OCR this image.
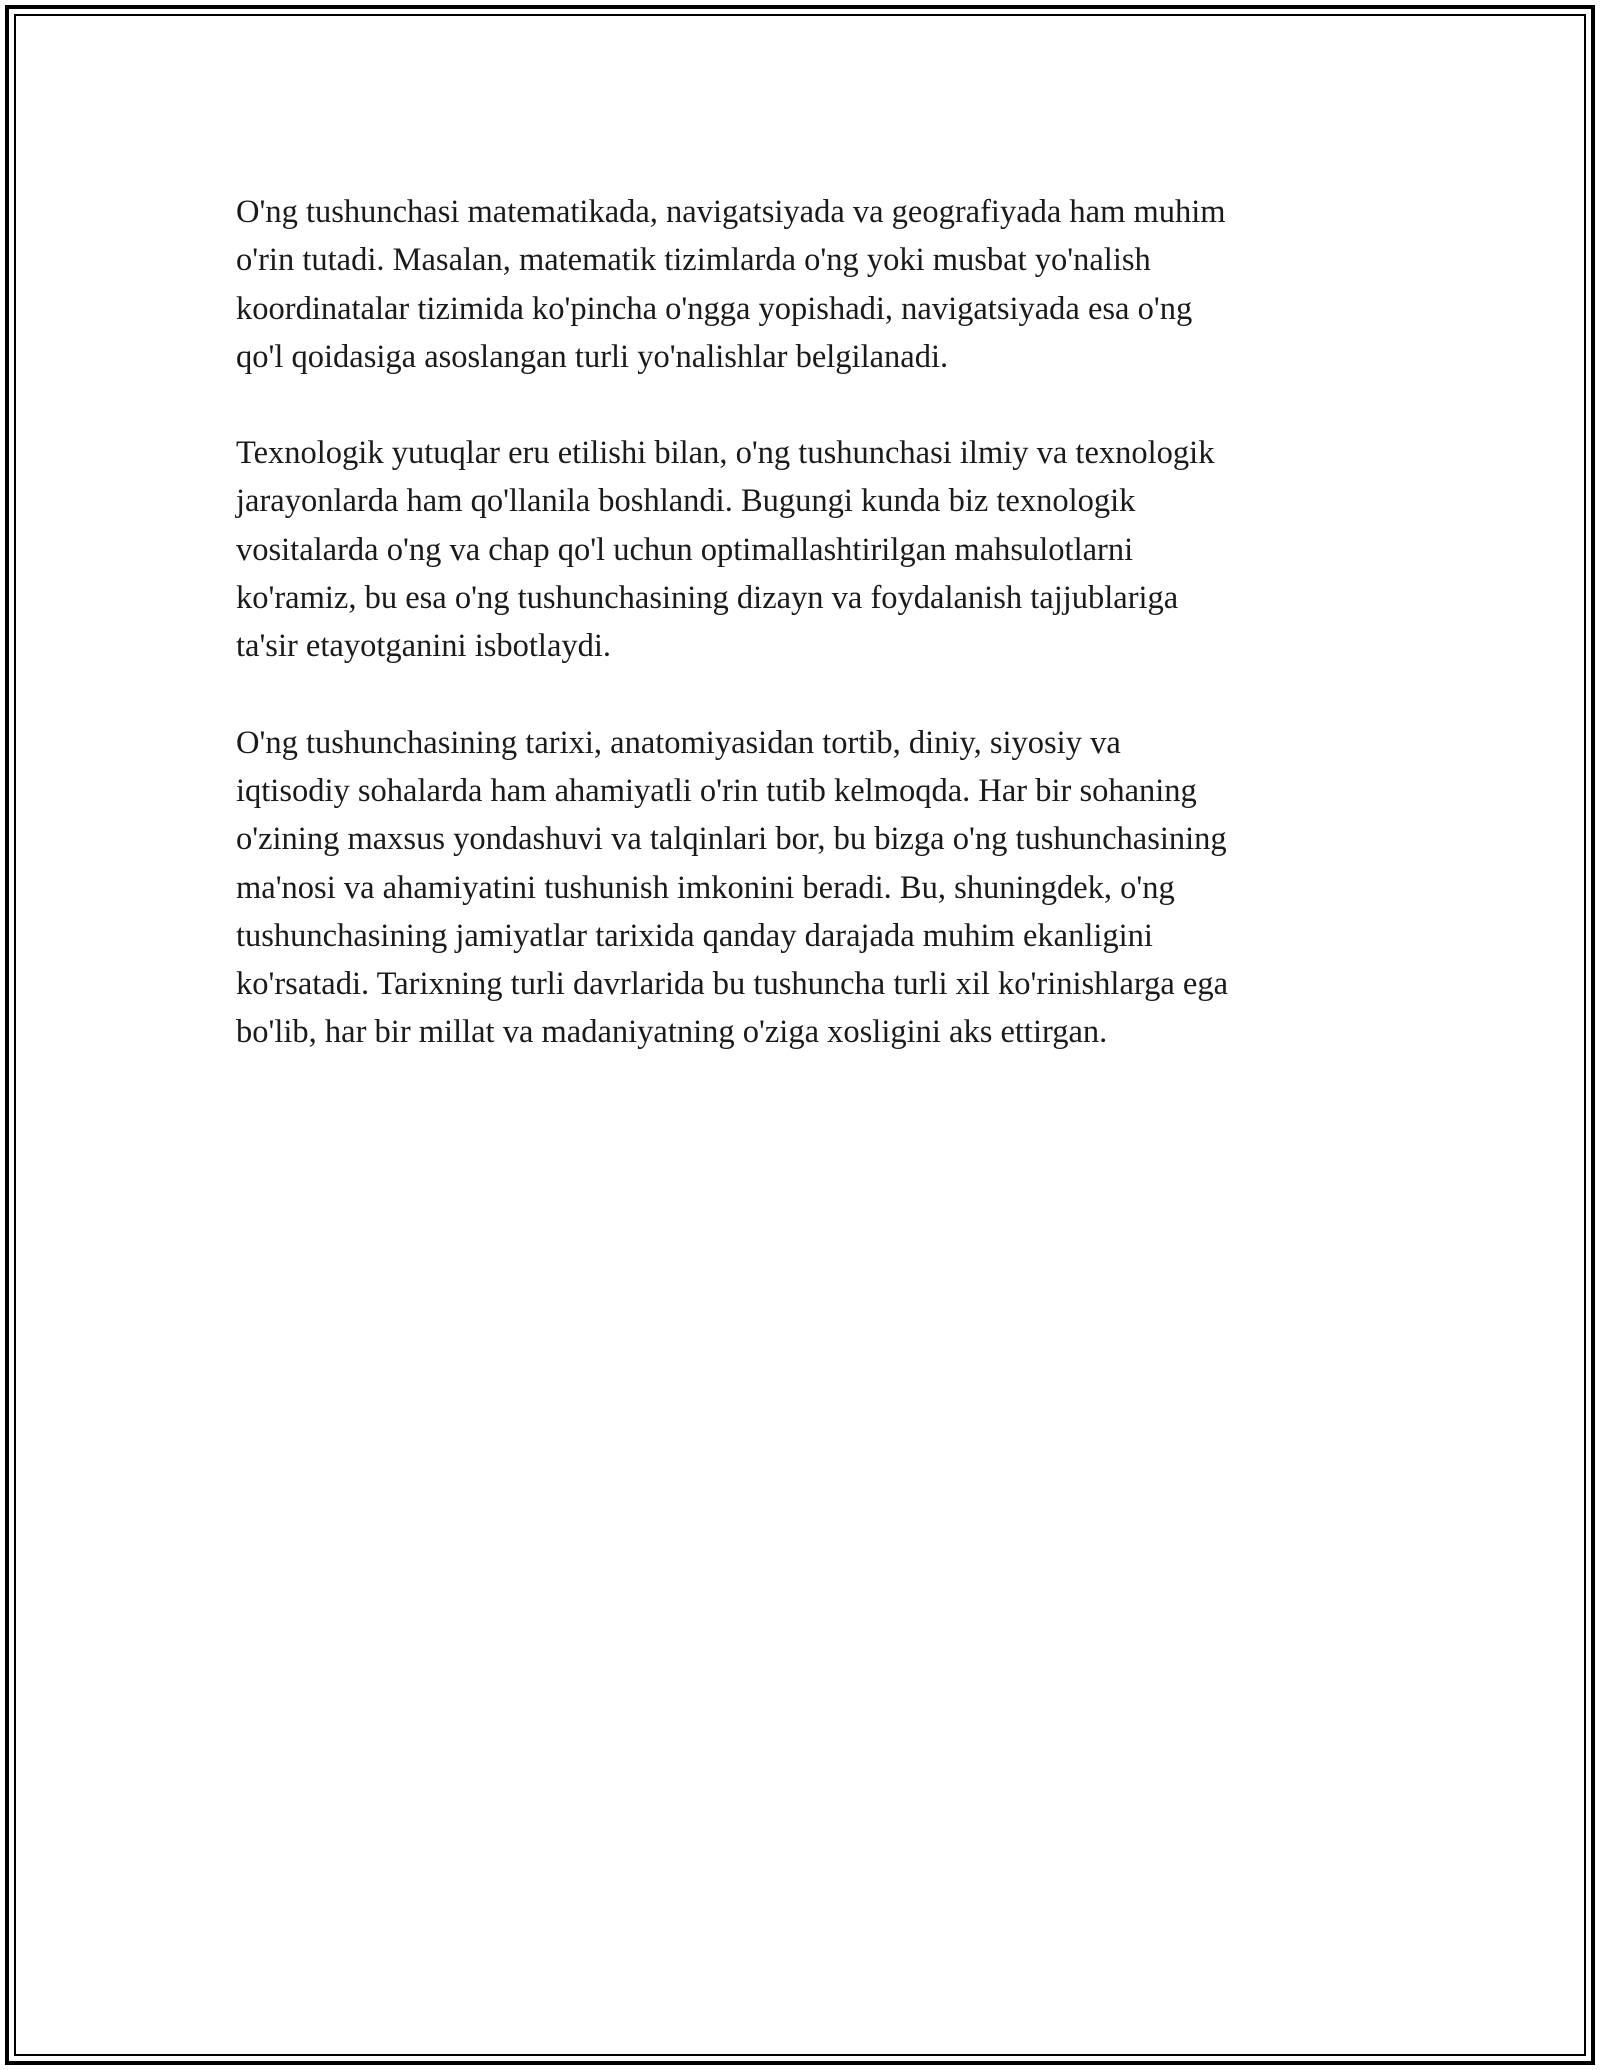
O'ng tushunchasi matematikada, navigatsiyada va geografiyada ham muhim
o'rin tutadi. Masalan, matematik tizimlarda o'ng yoki musbat yo'nalish
koordinatalar tizimida ko'pincha o'ngga yopishadi, navigatsiyada esa o'ng
qo'l qoidasiga asoslangan turli yo'nalishlar belgilanadi.

Texnologik yutuqlar eru etilishi bilan, o'ng tushunchasi ilmiy va texnologik
jarayonlarda ham qo'llanila boshlandi. Bugungi kunda biz texnologik
vositalarda o'ng va chap qo'l uchun optimallashtirilgan mahsulotlarni
ko'ramiz, bu esa o'ng tushunchasining dizayn va foydalanish tajjublariga
ta'sir etayotganini isbotlaydi.

O'ng tushunchasining tarixi, anatomiyasidan tortib, diniy, siyosiy va
iqtisodiy sohalarda ham ahamiyatli o'rin tutib kelmoqda. Har bir sohaning
o'zining maxsus yondashuvi va talqinlari bor, bu bizga o'ng tushunchasining
ma'nosi va ahamiyatini tushunish imkonini beradi. Bu, shuningdek, o'ng
tushunchasining jamiyatlar tarixida qanday darajada muhim ekanligini
ko'rsatadi. Tarixning turli davrlarida bu tushuncha turli xil ko'rinishlarga ega
bo'lib, har bir millat va madaniyatning o'ziga xosligini aks ettirgan.
